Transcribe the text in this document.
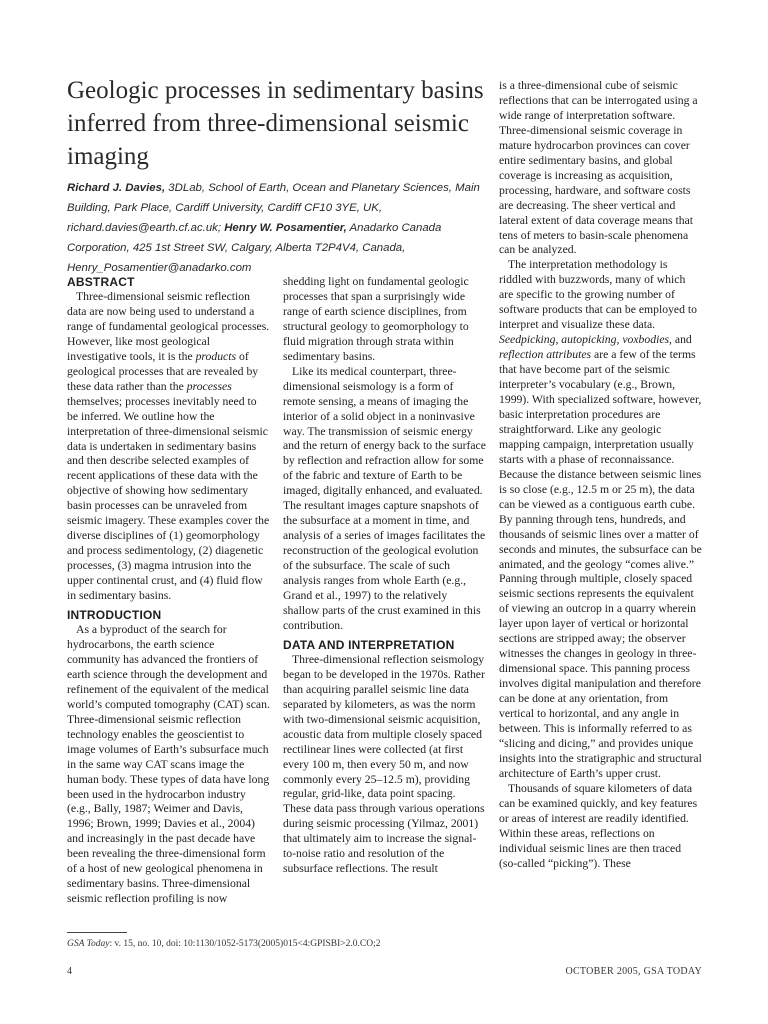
Geologic processes in sedimentary basins inferred from three-dimensional seismic imaging
Richard J. Davies, 3DLab, School of Earth, Ocean and Planetary Sciences, Main Building, Park Place, Cardiff University, Cardiff CF10 3YE, UK, richard.davies@earth.cf.ac.uk; Henry W. Posamentier, Anadarko Canada Corporation, 425 1st Street SW, Calgary, Alberta T2P4V4, Canada, Henry_Posamentier@anadarko.com
ABSTRACT

Three-dimensional seismic reflection data are now being used to understand a range of fundamental geological processes. However, like most geological investigative tools, it is the products of geological processes that are revealed by these data rather than the processes themselves; processes inevitably need to be inferred. We outline how the interpretation of three-dimensional seismic data is undertaken in sedimentary basins and then describe selected examples of recent applications of these data with the objective of showing how sedimentary basin processes can be unraveled from seismic imagery. These examples cover the diverse disciplines of (1) geomorphology and process sedimentology, (2) diagenetic processes, (3) magma intrusion into the upper continental crust, and (4) fluid flow in sedimentary basins.

INTRODUCTION

As a byproduct of the search for hydrocarbons, the earth science community has advanced the frontiers of earth science through the development and refinement of the equivalent of the medical world’s computed tomography (CAT) scan. Three-dimensional seismic reflection technology enables the geoscientist to image volumes of Earth’s subsurface much in the same way CAT scans image the human body. These types of data have long been used in the hydrocarbon industry (e.g., Bally, 1987; Weimer and Davis, 1996; Brown, 1999; Davies et al., 2004) and increasingly in the past decade have been revealing the three-dimensional form of a host of new geological phenomena in sedimentary basins. Three-dimensional seismic reflection profiling is now

shedding light on fundamental geologic processes that span a surprisingly wide range of earth science disciplines, from structural geology to geomorphology to fluid migration through strata within sedimentary basins.

Like its medical counterpart, three-dimensional seismology is a form of remote sensing, a means of imaging the interior of a solid object in a noninvasive way. The transmission of seismic energy and the return of energy back to the surface by reflection and refraction allow for some of the fabric and texture of Earth to be imaged, digitally enhanced, and evaluated. The resultant images capture snapshots of the subsurface at a moment in time, and analysis of a series of images facilitates the reconstruction of the geological evolution of the subsurface. The scale of such analysis ranges from whole Earth (e.g., Grand et al., 1997) to the relatively shallow parts of the crust examined in this contribution.

DATA AND INTERPRETATION

Three-dimensional reflection seismology began to be developed in the 1970s. Rather than acquiring parallel seismic line data separated by kilometers, as was the norm with two-dimensional seismic acquisition, acoustic data from multiple closely spaced rectilinear lines were collected (at first every 100 m, then every 50 m, and now commonly every 25–12.5 m), providing regular, grid-like, data point spacing. These data pass through various operations during seismic processing (Yilmaz, 2001) that ultimately aim to increase the signal-to-noise ratio and resolution of the subsurface reflections. The result

is a three-dimensional cube of seismic reflections that can be interrogated using a wide range of interpretation software. Three-dimensional seismic coverage in mature hydrocarbon provinces can cover entire sedimentary basins, and global coverage is increasing as acquisition, processing, hardware, and software costs are decreasing. The sheer vertical and lateral extent of data coverage means that tens of meters to basin-scale phenomena can be analyzed.

The interpretation methodology is riddled with buzzwords, many of which are specific to the growing number of software products that can be employed to interpret and visualize these data. Seedpicking, autopicking, voxbodies, and reflection attributes are a few of the terms that have become part of the seismic interpreter’s vocabulary (e.g., Brown, 1999). With specialized software, however, basic interpretation procedures are straightforward. Like any geologic mapping campaign, interpretation usually starts with a phase of reconnaissance. Because the distance between seismic lines is so close (e.g., 12.5 m or 25 m), the data can be viewed as a contiguous earth cube. By panning through tens, hundreds, and thousands of seismic lines over a matter of seconds and minutes, the subsurface can be animated, and the geology “comes alive.” Panning through multiple, closely spaced seismic sections represents the equivalent of viewing an outcrop in a quarry wherein layer upon layer of vertical or horizontal sections are stripped away; the observer witnesses the changes in geology in three-dimensional space. This panning process involves digital manipulation and therefore can be done at any orientation, from vertical to horizontal, and any angle in between. This is informally referred to as “slicing and dicing,” and provides unique insights into the stratigraphic and structural architecture of Earth’s upper crust.

Thousands of square kilometers of data can be examined quickly, and key features or areas of interest are readily identified. Within these areas, reflections on individual seismic lines are then traced (so-called “picking”). These

GSA Today: v. 15, no. 10, doi: 10:1130/1052-5173(2005)015<4:GPISBI>2.0.CO;2
4	OCTOBER 2005, GSA TODAY
